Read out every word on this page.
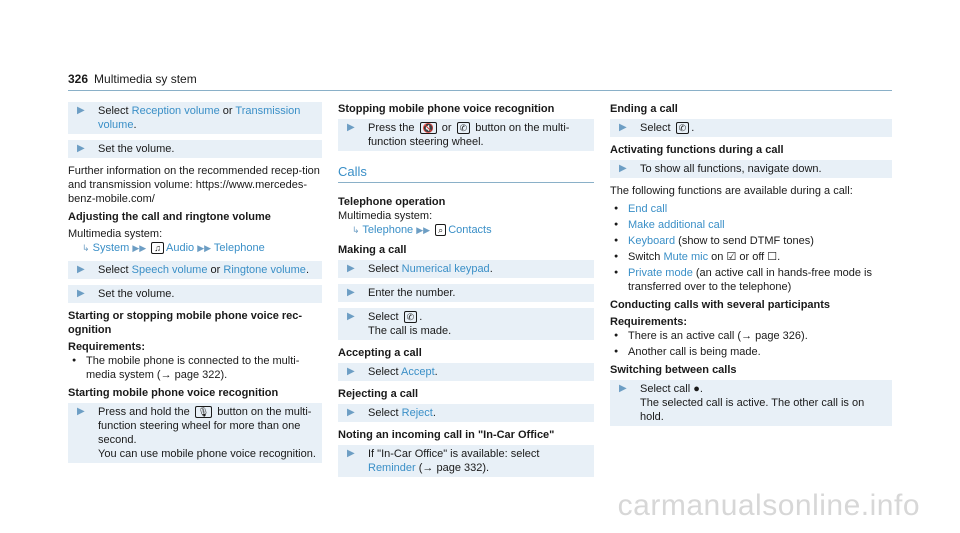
326 Multimedia sy stem
▶ Select Reception volume or Transmission volume.
▶ Set the volume.

Further information on the recommended recep-tion and transmission volume: https://www.mercedes-benz-mobile.com/

Adjusting the call and ringtone volume

Multimedia system:

↳ System ▶▶ ♫ Audio ▶▶ Telephone
▶ Select Speech volume or Ringtone volume.
▶ Set the volume.
Starting or stopping mobile phone voice rec-ognition
Requirements:
● The mobile phone is connected to the multi-media system (→ page 322).
Starting mobile phone voice recognition
▶ Press and hold the 🎙 button on the multi-function steering wheel for more than one second.
You can use mobile phone voice recognition.
Stopping mobile phone voice recognition
▶ Press the 🔇 or ✆ button on the multi-function steering wheel.
Calls
Telephone operation

Multimedia system:

↳ Telephone ▶▶ ⌕ Contacts
Making a call
▶ Select Numerical keypad.
▶ Enter the number.
▶ Select ✆ .
The call is made.
Accepting a call
▶ Select Accept.
Rejecting a call
▶ Select Reject.
Noting an incoming call in "In-Car Office"
▶ If "In-Car Office" is available: select Reminder (→ page 332).
Ending a call
▶ Select ✆ .
Activating functions during a call
▶ To show all functions, navigate down.

The following functions are available during a call:

● End call
● Make additional call
● Keyboard (show to send DTMF tones)
● Switch Mute mic on ☑ or off ☐.
● Private mode (an active call in hands-free mode is transferred over to the telephone)
Conducting calls with several participants
Requirements:
● There is an active call (→ page 326).
● Another call is being made.
Switching between calls
▶ Select call ●.
The selected call is active. The other call is on hold.
carmanualsonline.info
